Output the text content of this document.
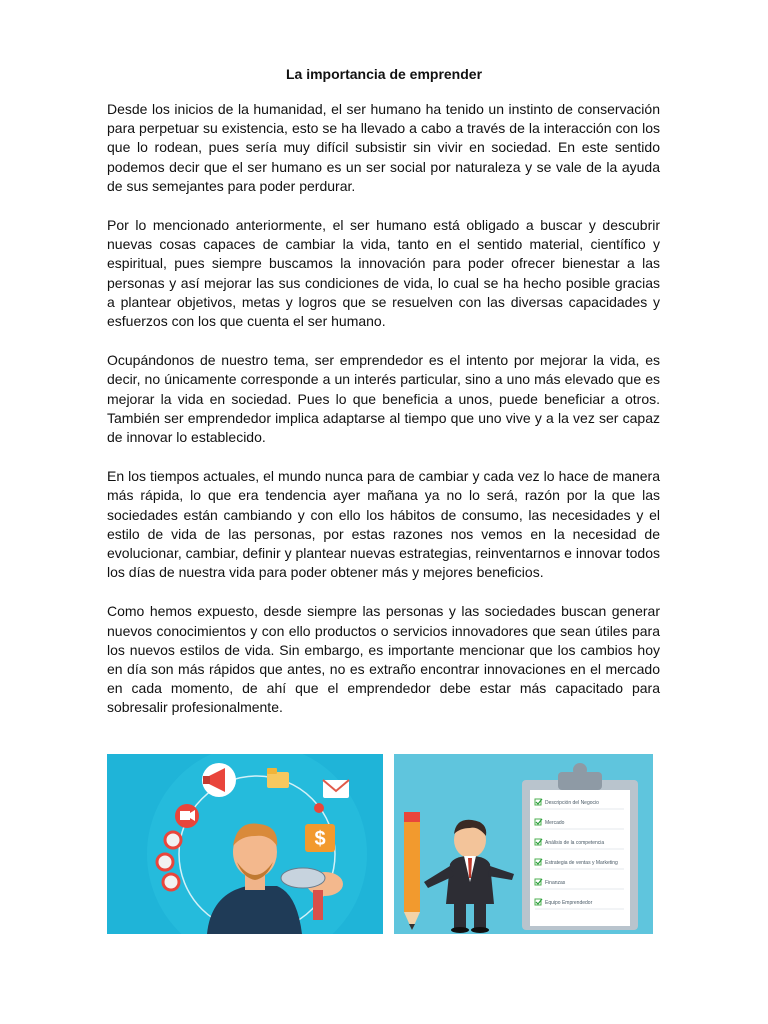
La importancia de emprender

Desde los inicios de la humanidad, el ser humano ha tenido un instinto de conservación para perpetuar su existencia, esto se ha llevado a cabo a través de la interacción con los que lo rodean, pues sería muy difícil subsistir sin vivir en sociedad. En este sentido podemos decir que el ser humano es un ser social por naturaleza y se vale de la ayuda de sus semejantes para poder perdurar.

Por lo mencionado anteriormente, el ser humano está obligado a buscar y descubrir nuevas cosas capaces de cambiar la vida, tanto en el sentido material, científico y espiritual, pues siempre buscamos la innovación para poder ofrecer bienestar a las personas y así mejorar las sus condiciones de vida, lo cual se ha hecho posible gracias a plantear objetivos, metas y logros que se resuelven con las diversas capacidades y esfuerzos con los que cuenta el ser humano.

Ocupándonos de nuestro tema, ser emprendedor es el intento por mejorar la vida, es decir, no únicamente corresponde a un interés particular, sino a uno más elevado que es mejorar la vida en sociedad. Pues lo que beneficia a unos, puede beneficiar a otros. También ser emprendedor implica adaptarse al tiempo que uno vive y a la vez ser capaz de innovar lo establecido.

En los tiempos actuales, el mundo nunca para de cambiar y cada vez lo hace de manera más rápida, lo que era tendencia ayer mañana ya no lo será, razón por la que las sociedades están cambiando y con ello los hábitos de consumo, las necesidades y el estilo de vida de las personas, por estas razones nos vemos en la necesidad de evolucionar, cambiar, definir y plantear nuevas estrategias, reinventarnos e innovar todos los días de nuestra vida para poder obtener más y mejores beneficios.

Como hemos expuesto, desde siempre las personas y las sociedades buscan generar nuevos conocimientos y con ello productos o servicios innovadores que sean útiles para los nuevos estilos de vida. Sin embargo, es importante mencionar que los cambios hoy en día son más rápidos que antes, no es extraño encontrar innovaciones en el mercado en cada momento, de ahí que el emprendedor debe estar más capacitado para sobresalir profesionalmente.

$
Descripción del Negocio
Mercado
Análisis de la competencia
Estrategia de ventas y Marketing
Finanzas
Equipo Emprendedor
